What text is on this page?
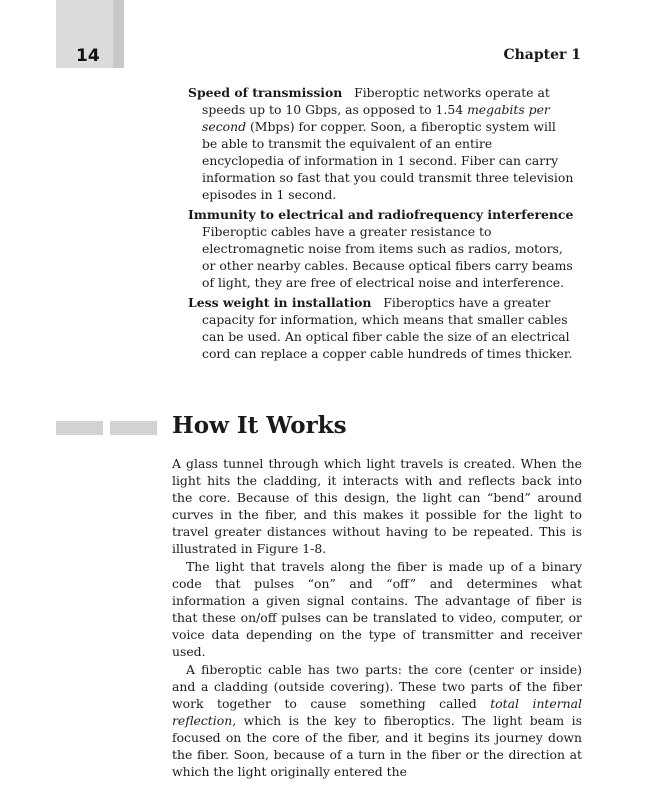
14	Chapter 1

Speed of transmission Fiberoptic networks operate at speeds up to 10 Gbps, as opposed to 1.54 megabits per second (Mbps) for copper. Soon, a fiberoptic system will be able to transmit the equivalent of an entire encyclopedia of information in 1 second. Fiber can carry information so fast that you could transmit three television episodes in 1 second.

Immunity to electrical and radiofrequency interference Fiberoptic cables have a greater resistance to electromagnetic noise from items such as radios, motors, or other nearby cables. Because optical fibers carry beams of light, they are free of electrical noise and interference.

Less weight in installation Fiberoptics have a greater capacity for information, which means that smaller cables can be used. An optical fiber cable the size of an electrical cord can replace a copper cable hundreds of times thicker.

How It Works

A glass tunnel through which light travels is created. When the light hits the cladding, it interacts with and reflects back into the core. Because of this design, the light can “bend” around curves in the fiber, and this makes it possible for the light to travel greater distances without having to be repeated. This is illustrated in Figure 1-8.

The light that travels along the fiber is made up of a binary code that pulses “on” and “off” and determines what information a given signal contains. The advantage of fiber is that these on/off pulses can be translated to video, computer, or voice data depending on the type of transmitter and receiver used.

A fiberoptic cable has two parts: the core (center or inside) and a cladding (outside covering). These two parts of the fiber work together to cause something called total internal reflection, which is the key to fiberoptics. The light beam is focused on the core of the fiber, and it begins its journey down the fiber. Soon, because of a turn in the fiber or the direction at which the light originally entered the
